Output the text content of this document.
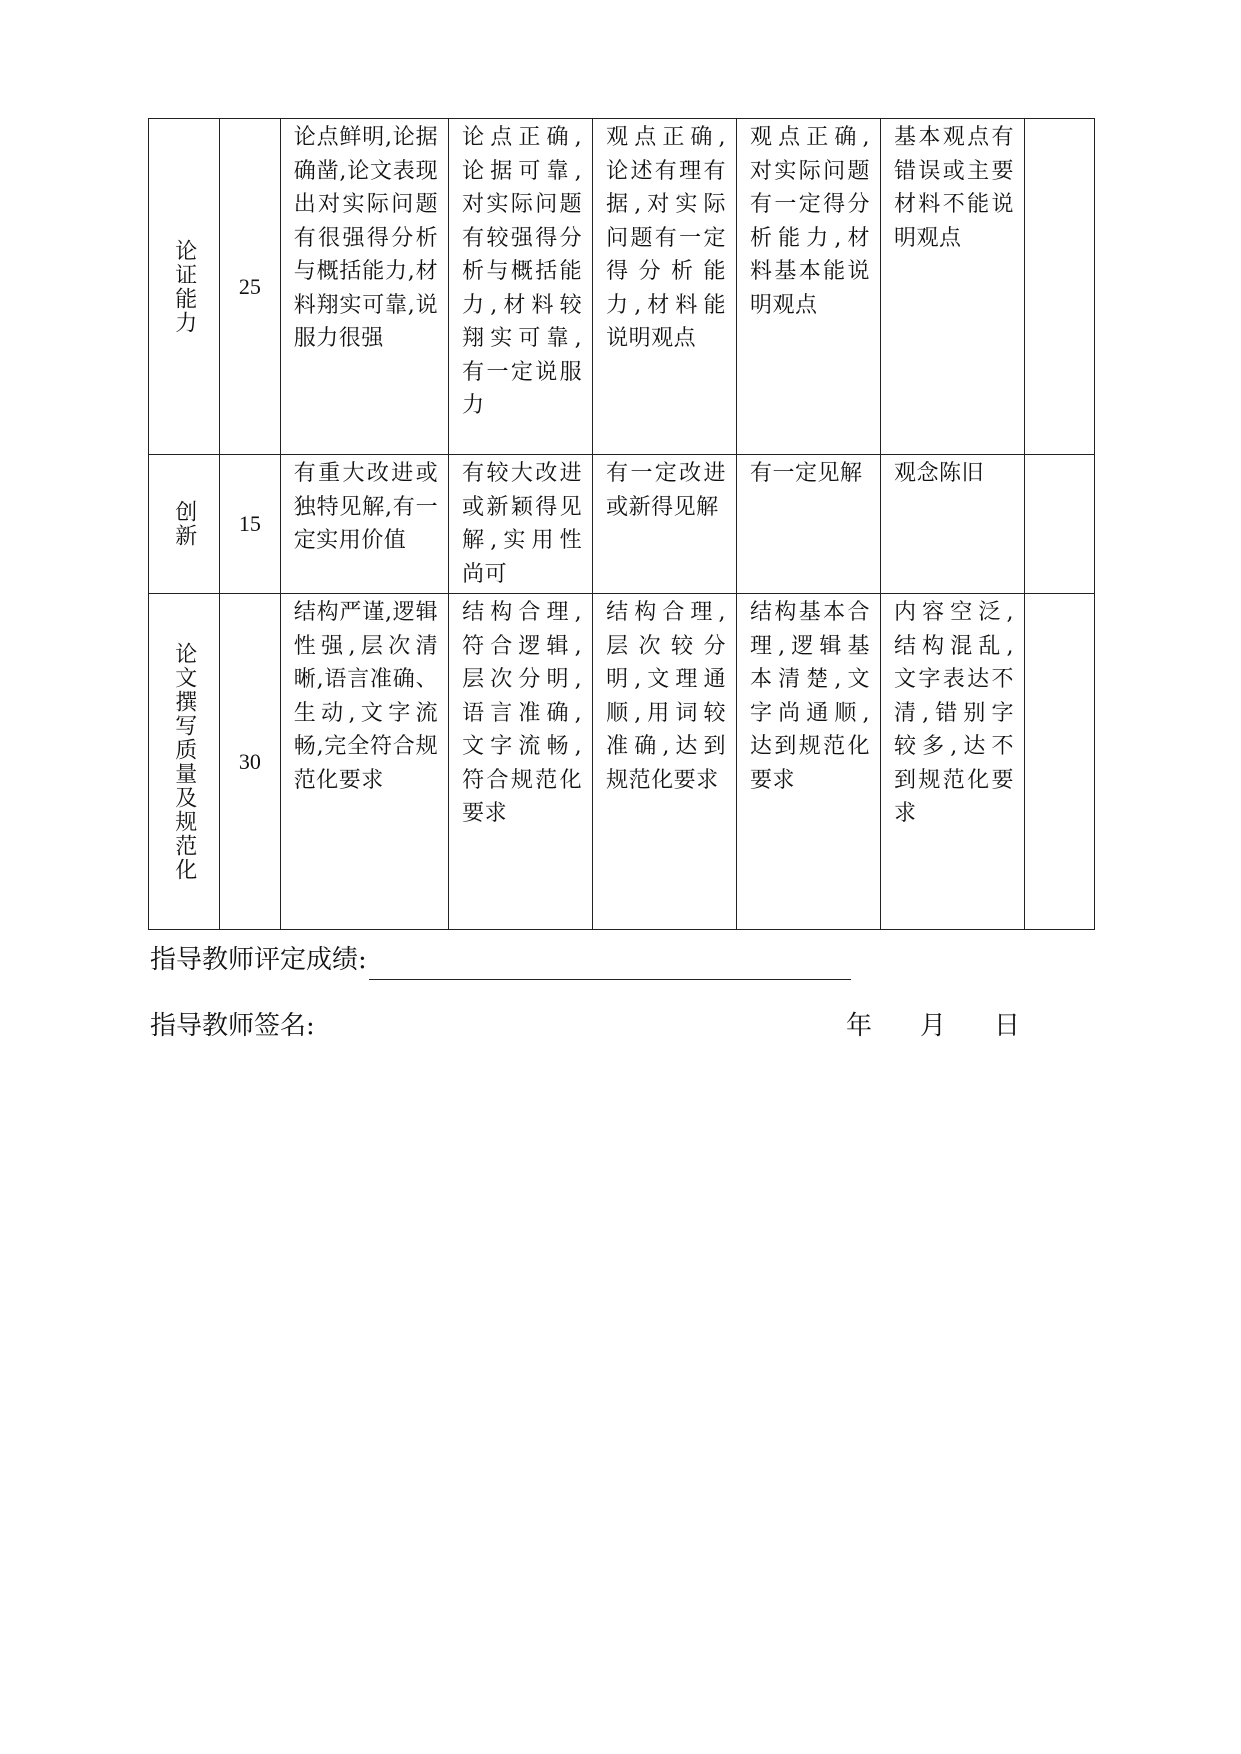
论证能力	25	论点鲜明,论据确凿,论文表现出对实际问题有很强得分析与概括能力,材料翔实可靠,说服力很强	论点正确,论据可靠,对实际问题有较强得分析与概括能力,材料较翔实可靠,有一定说服力	观点正确,论述有理有据,对实际问题有一定得分析能力,材料能说明观点	观点正确,对实际问题有一定得分析能力,材料基本能说明观点	基本观点有错误或主要材料不能说明观点	

创新	15	有重大改进或独特见解,有一定实用价值	有较大改进或新颖得见解,实用性尚可	有一定改进或新得见解	有一定见解	观念陈旧	

论文撰写质量及规范化	30	结构严谨,逻辑性强,层次清晰,语言准确、生动,文字流畅,完全符合规范化要求	结构合理,符合逻辑,层次分明,语言准确,文字流畅,符合规范化要求	结构合理,层次较分明,文理通顺,用词较准确,达到规范化要求	结构基本合理,逻辑基本清楚,文字尚通顺,达到规范化要求	内容空泛,结构混乱,文字表达不清,错别字较多,达不到规范化要求	

指导教师评定成绩:
指导教师签名:	年 月 日
